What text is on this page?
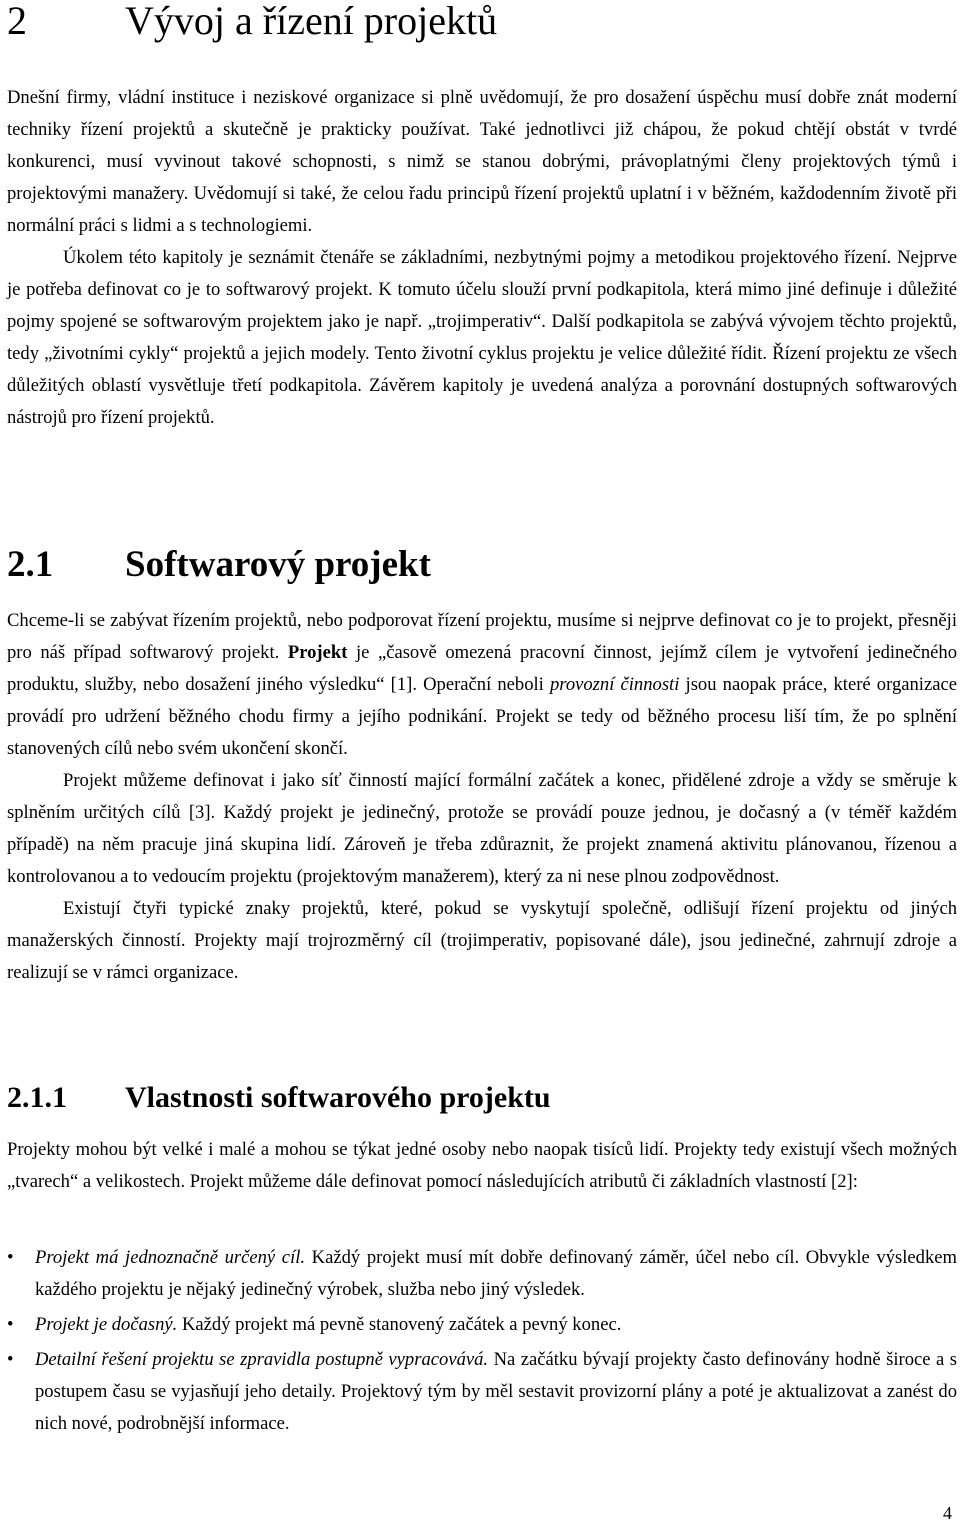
2 Vývoj a řízení projektů

Dnešní firmy, vládní instituce i neziskové organizace si plně uvědomují, že pro dosažení úspěchu musí dobře znát moderní techniky řízení projektů a skutečně je prakticky používat. Také jednotlivci již chápou, že pokud chtějí obstát v tvrdé konkurenci, musí vyvinout takové schopnosti, s nimž se stanou dobrými, právoplatnými členy projektových týmů i projektovými manažery. Uvědomují si také, že celou řadu principů řízení projektů uplatní i v běžném, každodenním životě při normální práci s lidmi a s technologiemi.

Úkolem této kapitoly je seznámit čtenáře se základními, nezbytnými pojmy a metodikou projektového řízení. Nejprve je potřeba definovat co je to softwarový projekt. K tomuto účelu slouží první podkapitola, která mimo jiné definuje i důležité pojmy spojené se softwarovým projektem jako je např. „trojimperativ“. Další podkapitola se zabývá vývojem těchto projektů, tedy „životními cykly“ projektů a jejich modely. Tento životní cyklus projektu je velice důležité řídit. Řízení projektu ze všech důležitých oblastí vysvětluje třetí podkapitola. Závěrem kapitoly je uvedená analýza a porovnání dostupných softwarových nástrojů pro řízení projektů.

2.1 Softwarový projekt

Chceme-li se zabývat řízením projektů, nebo podporovat řízení projektu, musíme si nejprve definovat co je to projekt, přesněji pro náš případ softwarový projekt. Projekt je „časově omezená pracovní činnost, jejímž cílem je vytvoření jedinečného produktu, služby, nebo dosažení jiného výsledku“ [1]. Operační neboli provozní činnosti jsou naopak práce, které organizace provádí pro udržení běžného chodu firmy a jejího podnikání. Projekt se tedy od běžného procesu liší tím, že po splnění stanovených cílů nebo svém ukončení skončí.

Projekt můžeme definovat i jako síť činností mající formální začátek a konec, přidělené zdroje a vždy se směruje k splněním určitých cílů [3]. Každý projekt je jedinečný, protože se provádí pouze jednou, je dočasný a (v téměř každém případě) na něm pracuje jiná skupina lidí. Zároveň je třeba zdůraznit, že projekt znamená aktivitu plánovanou, řízenou a kontrolovanou a to vedoucím projektu (projektovým manažerem), který za ni nese plnou zodpovědnost.

Existují čtyři typické znaky projektů, které, pokud se vyskytují společně, odlišují řízení projektu od jiných manažerských činností. Projekty mají trojrozměrný cíl (trojimperativ, popisované dále), jsou jedinečné, zahrnují zdroje a realizují se v rámci organizace.

2.1.1 Vlastnosti softwarového projektu

Projekty mohou být velké i malé a mohou se týkat jedné osoby nebo naopak tisíců lidí. Projekty tedy existují všech možných „tvarech“ a velikostech. Projekt můžeme dále definovat pomocí následujících atributů či základních vlastností [2]:

•	Projekt má jednoznačně určený cíl. Každý projekt musí mít dobře definovaný záměr, účel nebo cíl. Obvykle výsledkem každého projektu je nějaký jedinečný výrobek, služba nebo jiný výsledek.
•	Projekt je dočasný. Každý projekt má pevně stanovený začátek a pevný konec.
•	Detailní řešení projektu se zpravidla postupně vypracovává. Na začátku bývají projekty často definovány hodně široce a s postupem času se vyjasňují jeho detaily. Projektový tým by měl sestavit provizorní plány a poté je aktualizovat a zanést do nich nové, podrobnější informace.
4
